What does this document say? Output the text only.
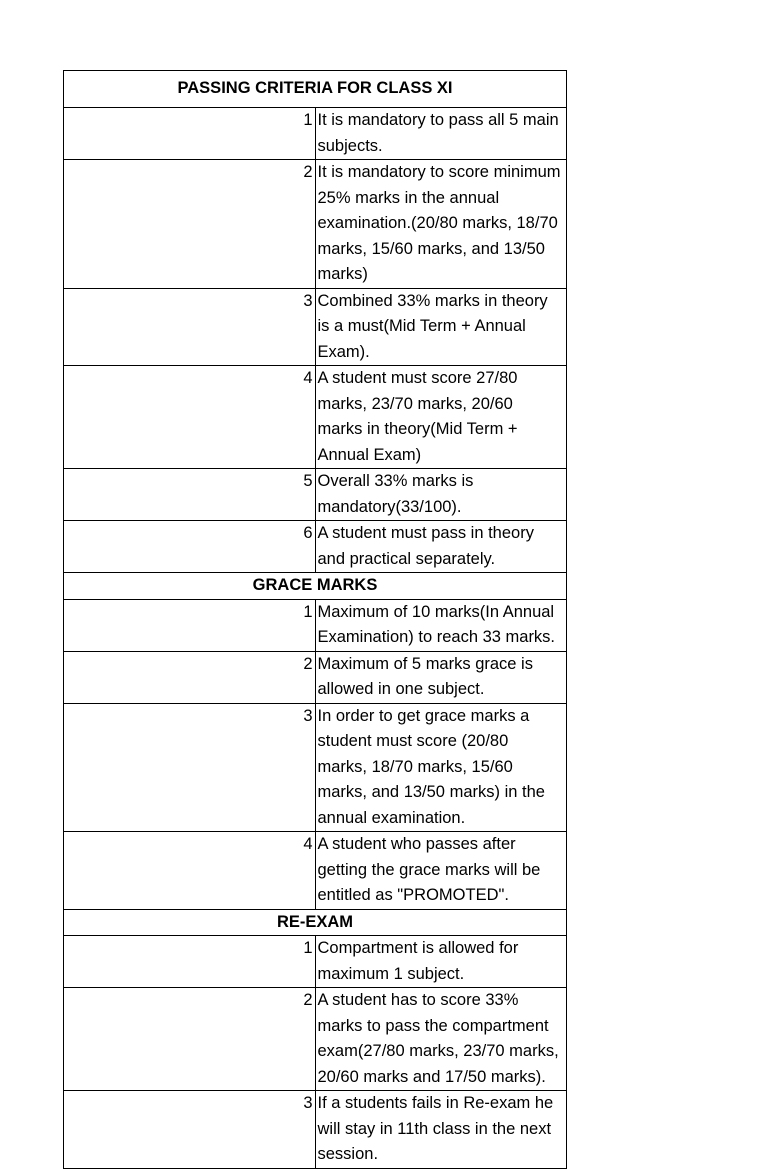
PASSING CRITERIA FOR CLASS XI	
1	It is mandatory to pass all 5 main subjects.
2	It is mandatory to score minimum 25% marks in the annual examination.(20/80 marks, 18/70 marks, 15/60 marks, and 13/50 marks)
3	Combined 33% marks in theory is a must(Mid Term + Annual Exam).
4	A student must score 27/80 marks, 23/70 marks, 20/60 marks in theory(Mid Term + Annual Exam)
5	Overall 33% marks is mandatory(33/100).
6	A student must pass in theory and practical separately.
GRACE MARKS	
1	Maximum of 10 marks(In Annual Examination) to reach 33 marks.
2	Maximum of 5 marks grace is allowed in one subject.
3	In order to get grace marks a student must score (20/80 marks, 18/70 marks, 15/60 marks, and 13/50 marks) in the annual examination.
4	A student who passes after getting the grace marks will be entitled as "PROMOTED".
RE-EXAM	
1	Compartment is allowed for maximum 1 subject.
2	A student has to score 33% marks to pass the compartment exam(27/80 marks, 23/70 marks, 20/60 marks and 17/50 marks).
3	If a students fails in Re-exam he will stay in 11th class in the next session.
